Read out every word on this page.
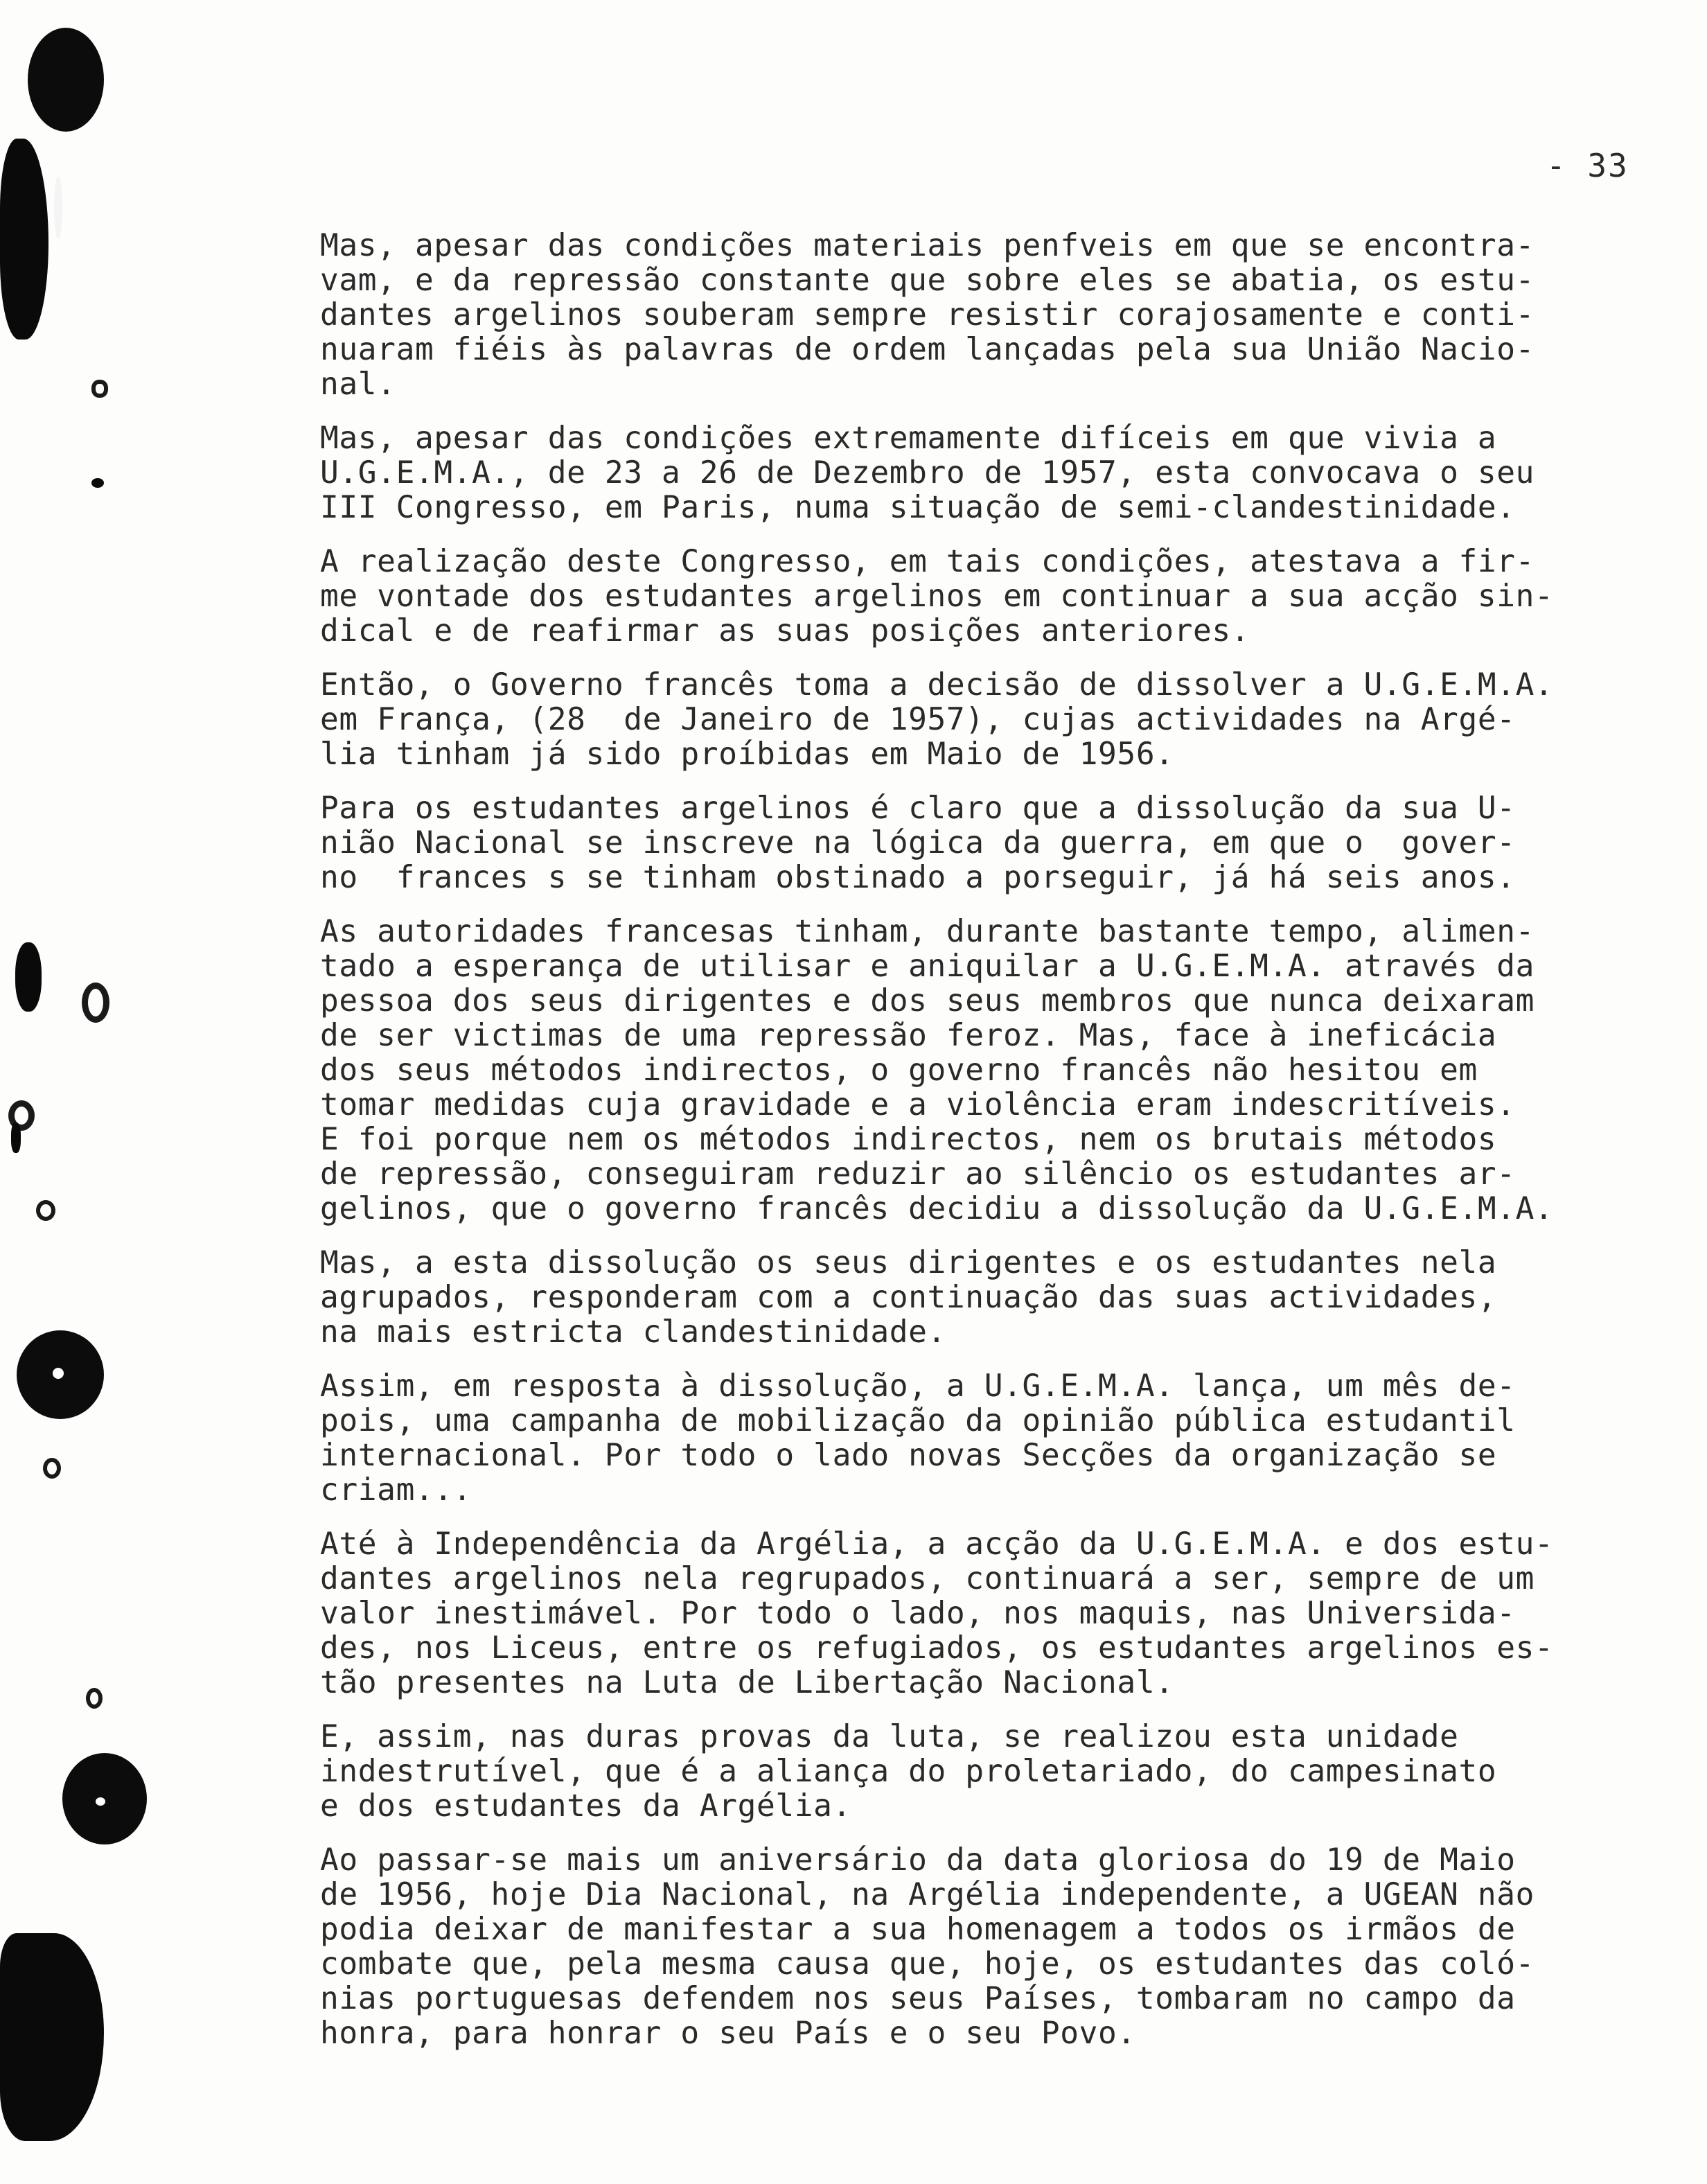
- 33
Mas, apesar das condições materiais penfveis em que se encontra-
vam, e da repressão constante que sobre eles se abatia, os estu-
dantes argelinos souberam sempre resistir corajosamente e conti-
nuaram fiéis às palavras de ordem lançadas pela sua União Nacio-
nal.
Mas, apesar das condições extremamente difíceis em que vivia a
U.G.E.M.A., de 23 a 26 de Dezembro de 1957, esta convocava o seu
III Congresso, em Paris, numa situação de semi-clandestinidade.
A realização deste Congresso, em tais condições, atestava a fir-
me vontade dos estudantes argelinos em continuar a sua acção sin-
dical e de reafirmar as suas posições anteriores.
Então, o Governo francês toma a decisão de dissolver a U.G.E.M.A.
em França, (28  de Janeiro de 1957), cujas actividades na Argé-
lia tinham já sido proíbidas em Maio de 1956.
Para os estudantes argelinos é claro que a dissolução da sua U-
nião Nacional se inscreve na lógica da guerra, em que o  gover-
no  frances s se tinham obstinado a porseguir, já há seis anos.
As autoridades francesas tinham, durante bastante tempo, alimen-
tado a esperança de utilisar e aniquilar a U.G.E.M.A. através da
pessoa dos seus dirigentes e dos seus membros que nunca deixaram
de ser victimas de uma repressão feroz. Mas, face à ineficácia
dos seus métodos indirectos, o governo francês não hesitou em
tomar medidas cuja gravidade e a violência eram indescritíveis.
E foi porque nem os métodos indirectos, nem os brutais métodos
de repressão, conseguiram reduzir ao silêncio os estudantes ar-
gelinos, que o governo francês decidiu a dissolução da U.G.E.M.A.
Mas, a esta dissolução os seus dirigentes e os estudantes nela
agrupados, responderam com a continuação das suas actividades,
na mais estricta clandestinidade.
Assim, em resposta à dissolução, a U.G.E.M.A. lança, um mês de-
pois, uma campanha de mobilização da opinião pública estudantil
internacional. Por todo o lado novas Secções da organização se
criam...
Até à Independência da Argélia, a acção da U.G.E.M.A. e dos estu-
dantes argelinos nela regrupados, continuará a ser, sempre de um
valor inestimável. Por todo o lado, nos maquis, nas Universida-
des, nos Liceus, entre os refugiados, os estudantes argelinos es-
tão presentes na Luta de Libertação Nacional.
E, assim, nas duras provas da luta, se realizou esta unidade
indestrutível, que é a aliança do proletariado, do campesinato
e dos estudantes da Argélia.
Ao passar-se mais um aniversário da data gloriosa do 19 de Maio
de 1956, hoje Dia Nacional, na Argélia independente, a UGEAN não
podia deixar de manifestar a sua homenagem a todos os irmãos de
combate que, pela mesma causa que, hoje, os estudantes das coló-
nias portuguesas defendem nos seus Países, tombaram no campo da
honra, para honrar o seu País e o seu Povo.
